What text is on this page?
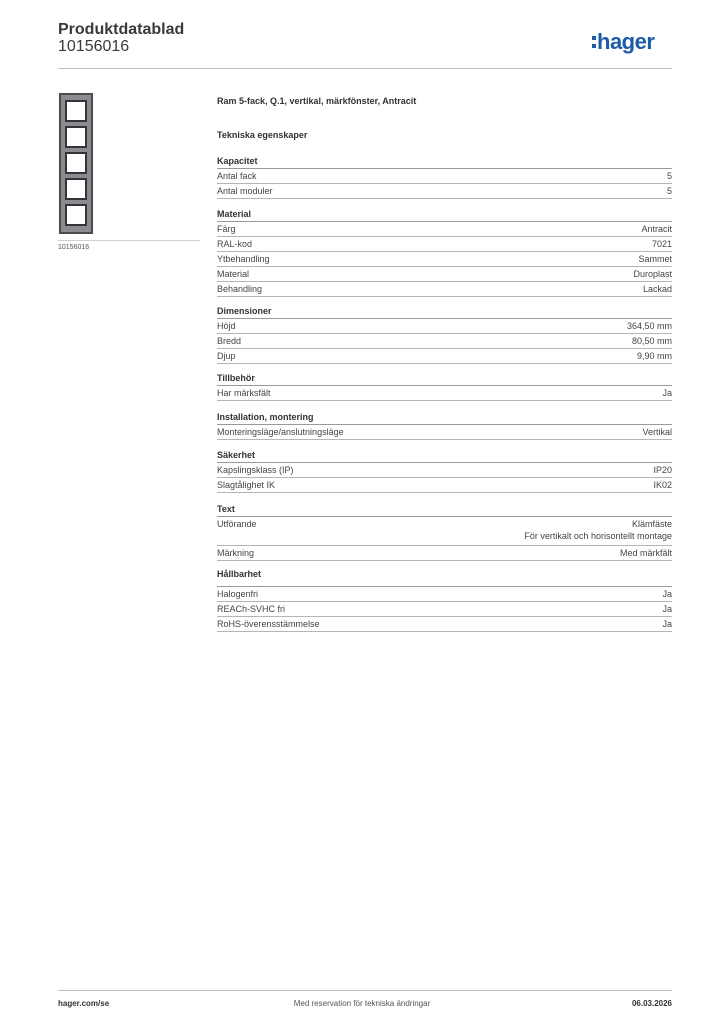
Produktdatablad
10156016	hager
10156016
Ram 5-fack, Q.1, vertikal, märkfönster, Antracit
Tekniska egenskaper
Kapacitet
Antal fack	5
Antal moduler	5
Material
Färg	Antracit
RAL-kod	7021
Ytbehandling	Sammet
Material	Duroplast
Behandling	Lackad
Dimensioner
Höjd	364,50 mm
Bredd	80,50 mm
Djup	9,90 mm
Tillbehör
Har märksfält	Ja
Installation, montering
Monteringsläge/anslutningsläge	Vertikal
Säkerhet
Kapslingsklass (IP)	IP20
Slagtålighet IK	IK02
Text
Utförande	Klämfäste
För vertikalt och horisontellt montage
Märkning	Med märkfält
Hållbarhet
Halogenfri	Ja
REACh-SVHC fri	Ja
RoHS-överensstämmelse	Ja
hager.com/se	Med reservation för tekniska ändringar	06.03.2026
